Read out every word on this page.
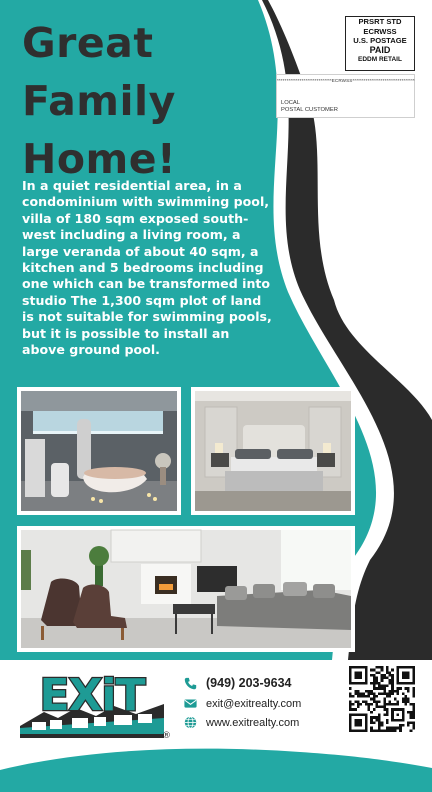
Great
Family
Home!

In a quiet residential area, in a condominium with swimming pool, villa of 180 sqm exposed south-west including a living room, a large veranda of about 40 sqm, a kitchen and 5 bedrooms including one which can be transformed into studio The 1,300 sqm plot of land is not suitable for swimming pools, but it is possible to install an above ground pool.

PRSRT STD
ECRWSS
U.S. POSTAGE
PAID
EDDM RETAIL
*****************************ECRWSS*********************************
LOCAL
POSTAL CUSTOMER
EXiT
®
(949) 203-9634
exit@exitrealty.com
www.exitrealty.com
